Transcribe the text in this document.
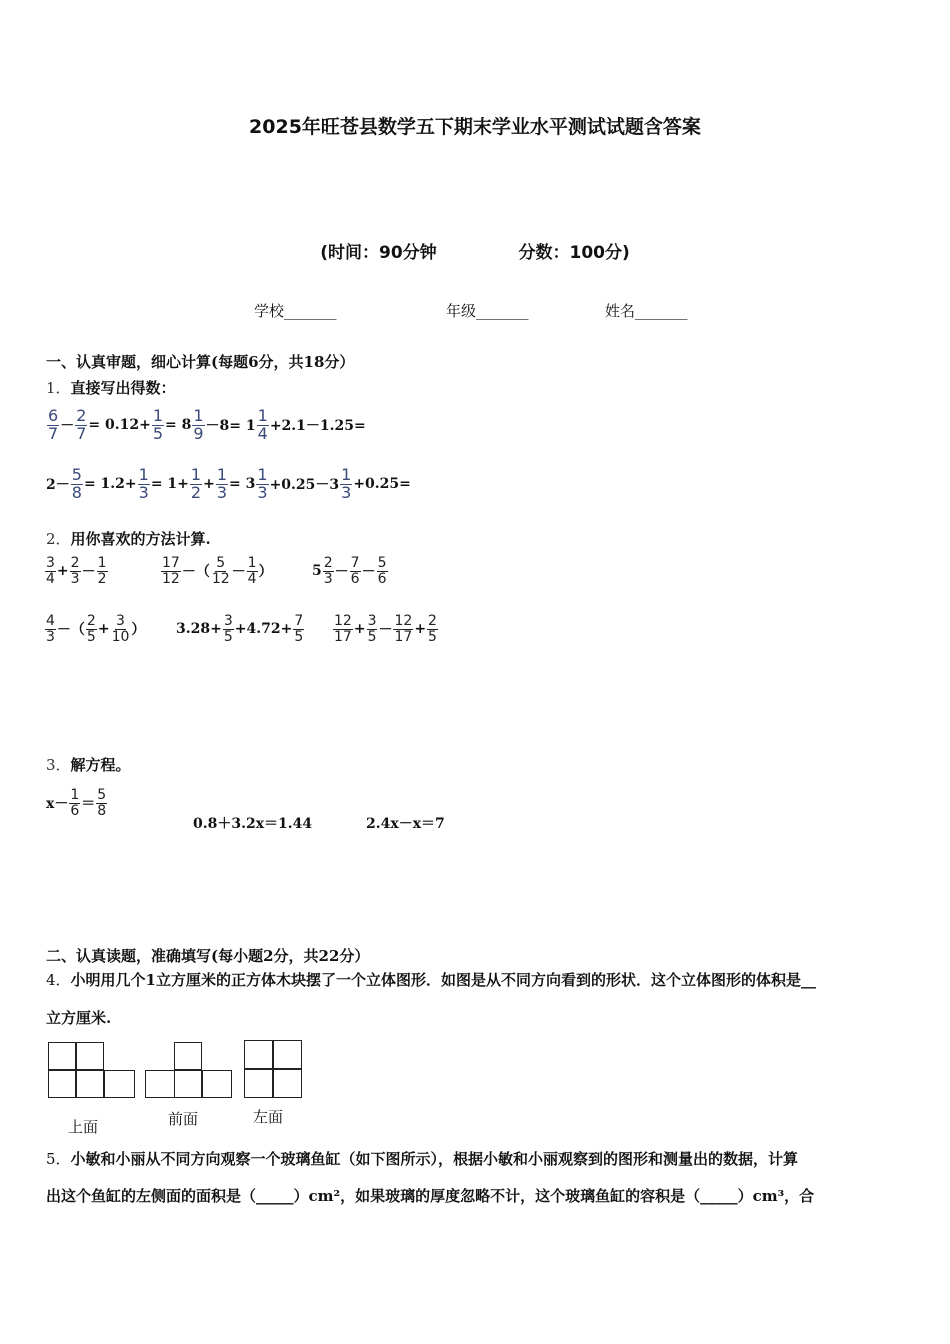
2025年旺苍县数学五下期末学业水平测试试题含答案
(时间：90分钟	分数：100分)
学校_______	年级_______	姓名_______
一、认真审题，细心计算(每题6分，共18分）
1．直接写出得数：
$\frac{6}{7} - \frac{2}{7} = 0.12+ \frac{1}{5} = 8 \frac{1}{9} -8= 1 \frac{1}{4} +2.1-1.25=$
$2- \frac{5}{8} = 1.2+ \frac{1}{3} = 1+ \frac{1}{2} + \frac{1}{3} = 3 \frac{1}{3} +0.25-3 \frac{1}{3} +0.25=$
2．用你喜欢的方法计算.
$\frac{3}{4} + \frac{2}{3} - \frac{1}{2}$	$\frac{17}{12}$ －（ $\frac{5}{12} - \frac{1}{4}$ ）	$5 \frac{2}{3} - \frac{7}{6} - \frac{5}{6}$
$\frac{4}{3}$ －（ $\frac{2}{5} + \frac{3}{10}$ ） $3.28+ \frac{3}{5} +4.72+ \frac{7}{5} \frac{12}{17} + \frac{3}{5} - \frac{12}{17} + \frac{2}{5}$
3．解方程。
$x- \frac{1}{6} = \frac{5}{8}$
0.8＋3.2x＝1.44	2.4x－x＝7
二、认真读题，准确填写(每小题2分，共22分）
4．小明用几个1立方厘米的正方体木块摆了一个立体图形．如图是从不同方向看到的形状．这个立体图形的体积是__
立方厘米.
上面	前面	左面
5．小敏和小丽从不同方向观察一个玻璃鱼缸（如下图所示），根据小敏和小丽观察到的图形和测量出的数据，计算
出这个鱼缸的左侧面的面积是（_____）cm²，如果玻璃的厚度忽略不计，这个玻璃鱼缸的容积是（_____）cm³，合
